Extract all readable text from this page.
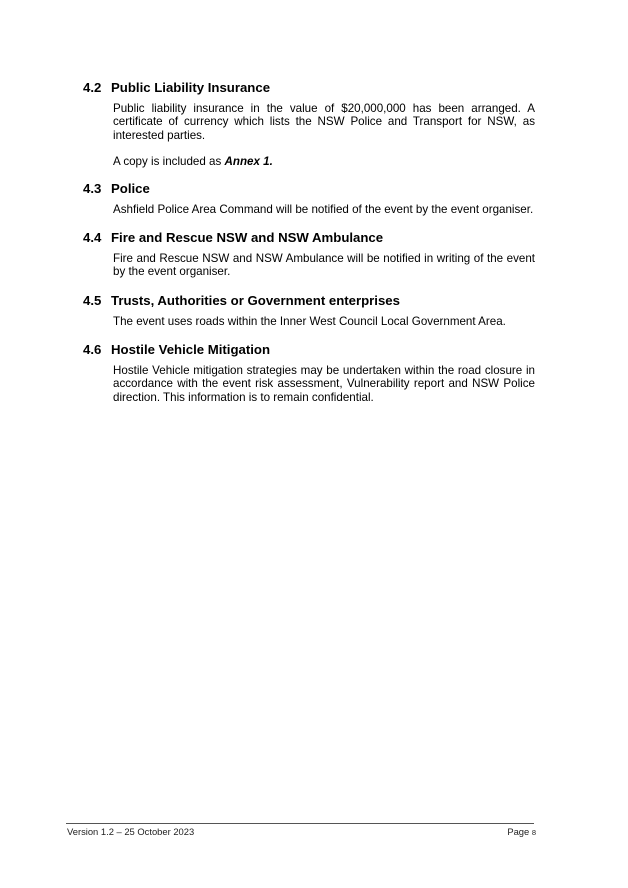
4.2 Public Liability Insurance

Public liability insurance in the value of $20,000,000 has been arranged. A certificate of currency which lists the NSW Police and Transport for NSW, as interested parties.

A copy is included as Annex 1.

4.3 Police

Ashfield Police Area Command will be notified of the event by the event organiser.

4.4 Fire and Rescue NSW and NSW Ambulance

Fire and Rescue NSW and NSW Ambulance will be notified in writing of the event by the event organiser.

4.5 Trusts, Authorities or Government enterprises

The event uses roads within the Inner West Council Local Government Area.

4.6 Hostile Vehicle Mitigation

Hostile Vehicle mitigation strategies may be undertaken within the road closure in accordance with the event risk assessment, Vulnerability report and NSW Police direction. This information is to remain confidential.

Version 1.2 – 25 October 2023	Page 8
